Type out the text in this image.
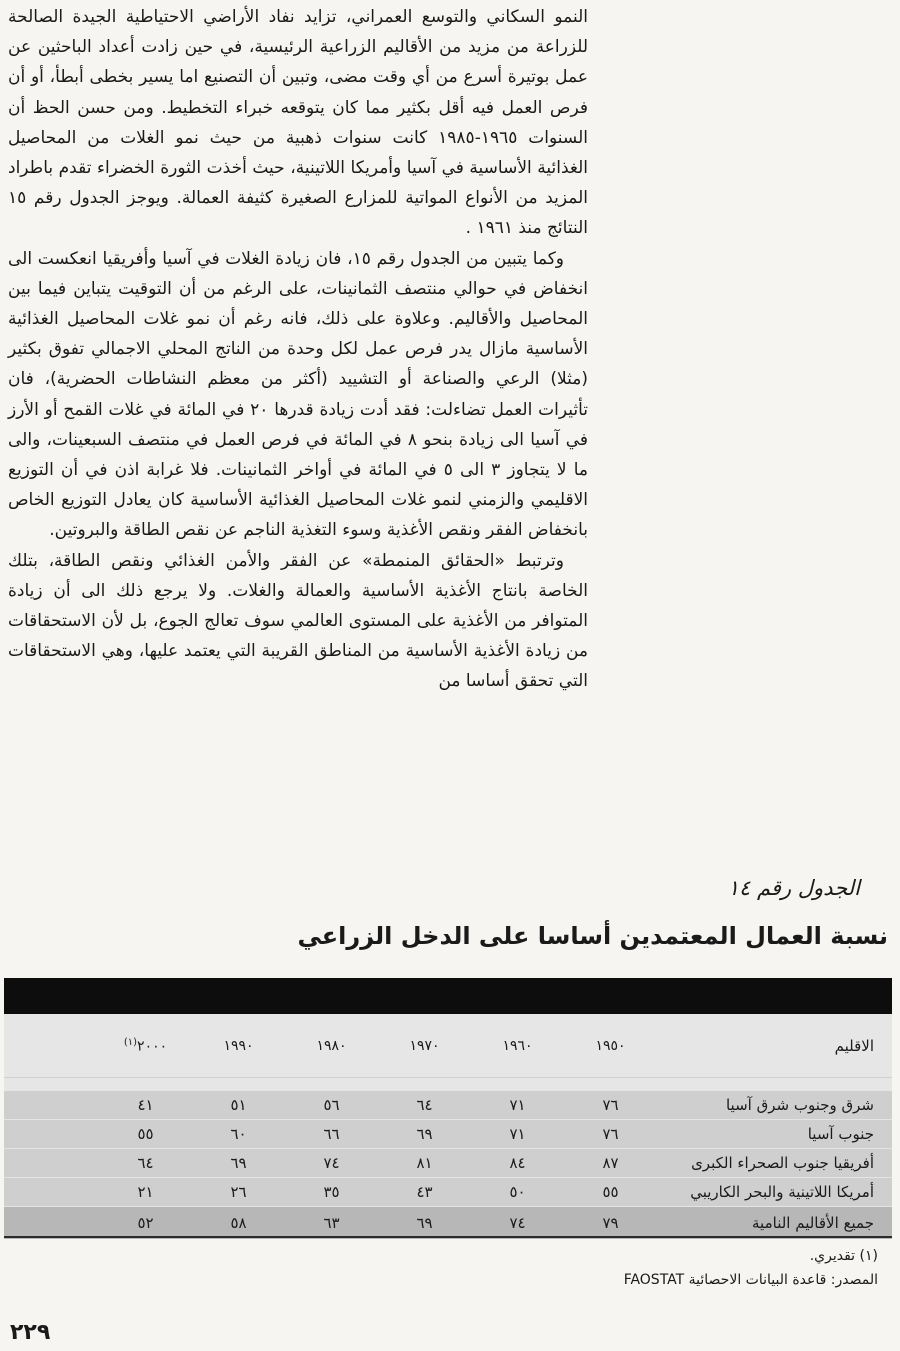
النمو السكاني والتوسع العمراني، تزايد نفاد الأراضي الاحتياطية الجيدة الصالحة للزراعة من مزيد من الأقاليم الزراعية الرئيسية، في حين زادت أعداد الباحثين عن عمل بوتيرة أسرع من أي وقت مضى، وتبين أن التصنيع اما يسير بخطى أبطأ، أو أن فرص العمل فيه أقل بكثير مما كان يتوقعه خبراء التخطيط. ومن حسن الحظ أن السنوات ١٩٦٥-١٩٨٥ كانت سنوات ذهبية من حيث نمو الغلات من المحاصيل الغذائية الأساسية في آسيا وأمريكا اللاتينية، حيث أخذت الثورة الخضراء تقدم باطراد المزيد من الأنواع المواتية للمزارع الصغيرة كثيفة العمالة. ويوجز الجدول رقم ١٥ النتائج منذ ١٩٦١ .

وكما يتبين من الجدول رقم ١٥، فان زيادة الغلات في آسيا وأفريقيا انعكست الى انخفاض في حوالي منتصف الثمانينات، على الرغم من أن التوقيت يتباين فيما بين المحاصيل والأقاليم. وعلاوة على ذلك، فانه رغم أن نمو غلات المحاصيل الغذائية الأساسية مازال يدر فرص عمل لكل وحدة من الناتج المحلي الاجمالي تفوق بكثير (مثلا) الرعي والصناعة أو التشييد (أكثر من معظم النشاطات الحضرية)، فان تأثيرات العمل تضاءلت: فقد أدت زيادة قدرها ٢٠ في المائة في غلات القمح أو الأرز في آسيا الى زيادة بنحو ٨ في المائة في فرص العمل في منتصف السبعينات، والى ما لا يتجاوز ٣ الى ٥ في المائة في أواخر الثمانينات. فلا غرابة اذن في أن التوزيع الاقليمي والزمني لنمو غلات المحاصيل الغذائية الأساسية كان يعادل التوزيع الخاص بانخفاض الفقر ونقص الأغذية وسوء التغذية الناجم عن نقص الطاقة والبروتين.

وترتبط «الحقائق المنمطة» عن الفقر والأمن الغذائي ونقص الطاقة، بتلك الخاصة بانتاج الأغذية الأساسية والعمالة والغلات. ولا يرجع ذلك الى أن زيادة المتوافر من الأغذية على المستوى العالمي سوف تعالج الجوع، بل لأن الاستحقاقات من زيادة الأغذية الأساسية من المناطق القريبة التي يعتمد عليها، وهي الاستحقاقات التي تحقق أساسا من

الجدول رقم ١٤
نسبة العمال المعتمدين أساسا على الدخل الزراعي
الاقليم
١٩٥٠
١٩٦٠
١٩٧٠
١٩٨٠
١٩٩٠
٢٠٠٠$^{(١)}$
شرق وجنوب شرق آسيا
٧٦
٧١
٦٤
٥٦
٥١
٤١
جنوب آسيا
٧٦
٧١
٦٩
٦٦
٦٠
٥٥
أفريقيا جنوب الصحراء الكبرى
٨٧
٨٤
٨١
٧٤
٦٩
٦٤
أمريكا اللاتينية والبحر الكاريبي
٥٥
٥٠
٤٣
٣٥
٢٦
٢١
جميع الأقاليم النامية
٧٩
٧٤
٦٩
٦٣
٥٨
٥٢
(١) تقديري.
المصدر: قاعدة البيانات الاحصائية FAOSTAT
٢٢٩
